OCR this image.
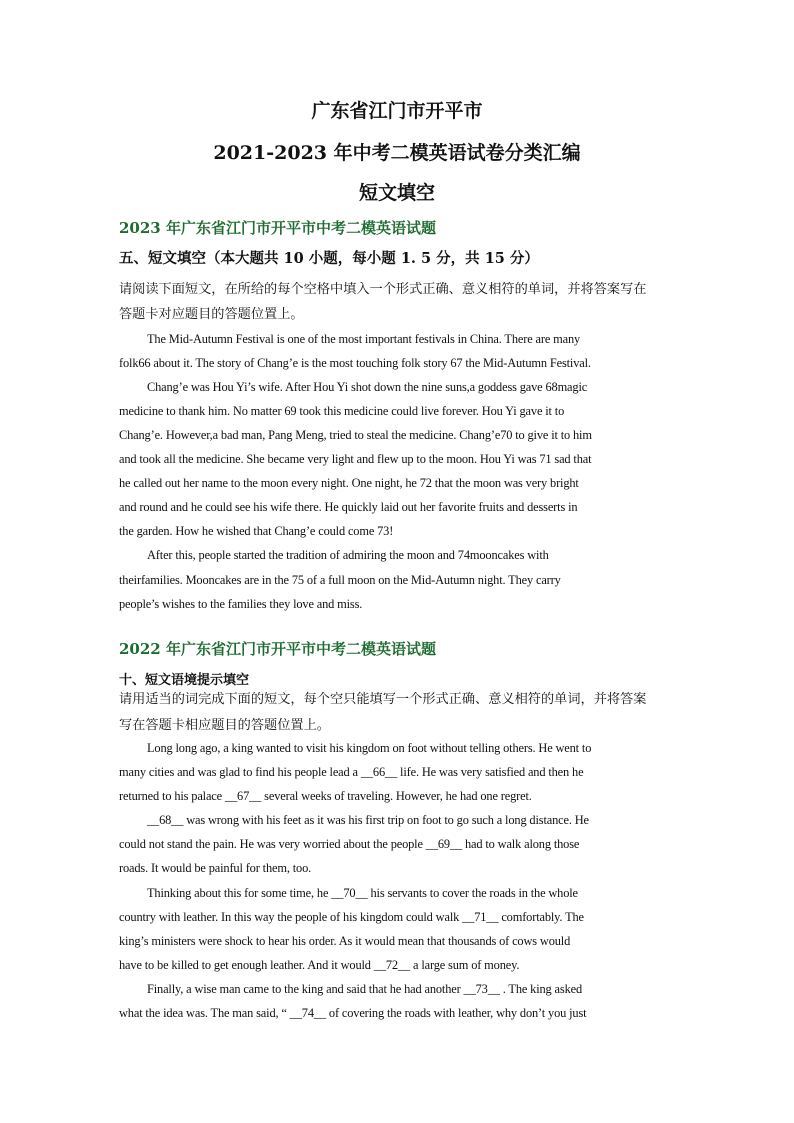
广东省江门市开平市
2021-2023 年中考二模英语试卷分类汇编
短文填空
2023 年广东省江门市开平市中考二模英语试题
五、短文填空（本大题共 10 小题，每小题 1. 5 分，共 15 分）
请阅读下面短文，在所给的每个空格中填入一个形式正确、意义相符的单词，并将答案写在
答题卡对应题目的答题位置上。
The Mid-Autumn Festival is one of the most important festivals in China. There are many
folk66 about it. The story of Chang’e is the most touching folk story 67 the Mid-Autumn Festival.
Chang’e was Hou Yi’s wife. After Hou Yi shot down the nine suns,a goddess gave 68magic
medicine to thank him. No matter 69 took this medicine could live forever. Hou Yi gave it to
Chang’e. However,a bad man, Pang Meng, tried to steal the medicine. Chang’e70 to give it to him
and took all the medicine. She became very light and flew up to the moon. Hou Yi was 71 sad that
he called out her name to the moon every night. One night, he 72 that the moon was very bright
and round and he could see his wife there. He quickly laid out her favorite fruits and desserts in
the garden. How he wished that Chang’e could come 73!
After this, people started the tradition of admiring the moon and 74mooncakes with
theirfamilies. Mooncakes are in the 75 of a full moon on the Mid-Autumn night. They carry
people’s wishes to the families they love and miss.
2022 年广东省江门市开平市中考二模英语试题
十、短文语境提示填空
请用适当的词完成下面的短文，每个空只能填写一个形式正确、意义相符的单词，并将答案
写在答题卡相应题目的答题位置上。
Long long ago, a king wanted to visit his kingdom on foot without telling others. He went to
many cities and was glad to find his people lead a __66__ life. He was very satisfied and then he
returned to his palace __67__ several weeks of traveling. However, he had one regret.
__68__ was wrong with his feet as it was his first trip on foot to go such a long distance. He
could not stand the pain. He was very worried about the people __69__ had to walk along those
roads. It would be painful for them, too.
Thinking about this for some time, he __70__ his servants to cover the roads in the whole
country with leather. In this way the people of his kingdom could walk __71__ comfortably. The
king’s ministers were shock to hear his order. As it would mean that thousands of cows would
have to be killed to get enough leather. And it would __72__ a large sum of money.
Finally, a wise man came to the king and said that he had another __73__ . The king asked
what the idea was. The man said, “ __74__ of covering the roads with leather, why don’t you just
